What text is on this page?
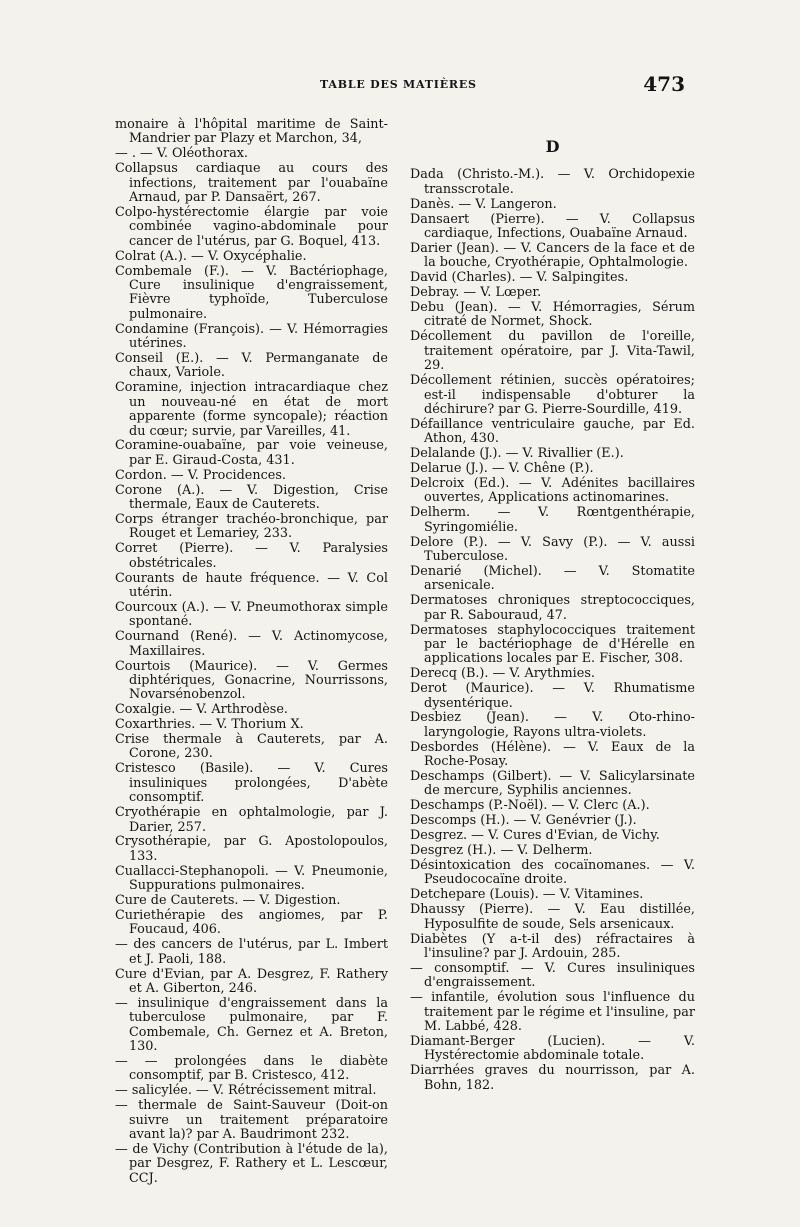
TABLE DES MATIÈRES	473
monaire à l'hôpital maritime de Saint-Mandrier par Plazy et Marchon, 34,
— . — V. Oléothorax.
Collapsus cardiaque au cours des infections, traitement par l'ouabaïne Arnaud, par P. Dansaërt, 267.
Colpo-hystérectomie élargie par voie combinée vagino-abdominale pour cancer de l'utérus, par G. Boquel, 413.
Colrat (A.). — V. Oxycéphalie.
Combemale (F.). — V. Bactériophage, Cure insulinique d'engraissement, Fièvre typhoïde, Tuberculose pulmonaire.
Condamine (François). — V. Hémorragies utérines.
Conseil (E.). — V. Permanganate de chaux, Variole.
Coramine, injection intracardiaque chez un nouveau-né en état de mort apparente (forme syncopale); réaction du cœur; survie, par Vareilles, 41.
Coramine-ouabaïne, par voie veineuse, par E. Giraud-Costa, 431.
Cordon. — V. Procidences.
Corone (A.). — V. Digestion, Crise thermale, Eaux de Cauterets.
Corps étranger trachéo-bronchique, par Rouget et Lemariey, 233.
Corret (Pierre). — V. Paralysies obstétricales.
Courants de haute fréquence. — V. Col utérin.
Courcoux (A.). — V. Pneumothorax simple spontané.
Cournand (René). — V. Actinomycose, Maxillaires.
Courtois (Maurice). — V. Germes diphtériques, Gonacrine, Nourrissons, Novarsénobenzol.
Coxalgie. — V. Arthrodèse.
Coxarthries. — V. Thorium X.
Crise thermale à Cauterets, par A. Corone, 230.
Cristesco (Basile). — V. Cures insuliniques prolongées, D'abète consomptif.
Cryothérapie en ophtalmologie, par J. Darier, 257.
Crysothérapie, par G. Apostolopoulos, 133.
Cuallacci-Stephanopoli. — V. Pneumonie, Suppurations pulmonaires.
Cure de Cauterets. — V. Digestion.
Curiethérapie des angiomes, par P. Foucaud, 406.
— des cancers de l'utérus, par L. Imbert et J. Paoli, 188.
Cure d'Evian, par A. Desgrez, F. Rathery et A. Giberton, 246.
— insulinique d'engraissement dans la tuberculose pulmonaire, par F. Combemale, Ch. Gernez et A. Breton, 130.
— — prolongées dans le diabète consomptif, par B. Cristesco, 412.
— salicylée. — V. Rétrécissement mitral.
— thermale de Saint-Sauveur (Doit-on suivre un traitement préparatoire avant la)? par A. Baudrimont 232.
— de Vichy (Contribution à l'étude de la), par Desgrez, F. Rathery et L. Lescœur, ССЈ.
D
Dada (Christo.-M.). — V. Orchidopexie transscrotale.
Danès. — V. Langeron.
Dansaert (Pierre). — V. Collapsus cardiaque, Infections, Ouabaïne Arnaud.
Darier (Jean). — V. Cancers de la face et de la bouche, Cryothérapie, Ophtalmologie.
David (Charles). — V. Salpingites.
Debray. — V. Lœper.
Debu (Jean). — V. Hémorragies, Sérum citraté de Normet, Shock.
Décollement du pavillon de l'oreille, traitement opératoire, par J. Vita-Tawil, 29.
Décollement rétinien, succès opératoires; est-il indispensable d'obturer la déchirure? par G. Pierre-Sourdille, 419.
Défaillance ventriculaire gauche, par Ed. Athon, 430.
Delalande (J.). — V. Rivallier (E.).
Delarue (J.). — V. Chêne (P.).
Delcroix (Ed.). — V. Adénites bacillaires ouvertes, Applications actinomarines.
Delherm. — V. Rœntgenthérapie, Syringomiélie.
Delore (P.). — V. Savy (P.). — V. aussi Tuberculose.
Denarié (Michel). — V. Stomatite arsenicale.
Dermatoses chroniques streptococciques, par R. Sabouraud, 47.
Dermatoses staphylococciques traitement par le bactériophage de d'Hérelle en applications locales par E. Fischer, 308.
Derecq (B.). — V. Arythmies.
Derot (Maurice). — V. Rhumatisme dysentérique.
Desbiez (Jean). — V. Oto-rhino-laryngologie, Rayons ultra-violets.
Desbordes (Hélène). — V. Eaux de la Roche-Posay.
Deschamps (Gilbert). — V. Salicylarsinate de mercure, Syphilis anciennes.
Deschamps (P.-Noël). — V. Clerc (A.).
Descomps (H.). — V. Genévrier (J.).
Desgrez. — V. Cures d'Evian, de Vichy.
Desgrez (H.). — V. Delherm.
Désintoxication des cocaïnomanes. — V. Pseudococaïne droite.
Detchepare (Louis). — V. Vitamines.
Dhaussy (Pierre). — V. Eau distillée, Hyposulfite de soude, Sels arsenicaux.
Diabètes (Y a-t-il des) réfractaires à l'insuline? par J. Ardouin, 285.
— consomptif. — V. Cures insuliniques d'engraissement.
— infantile, évolution sous l'influence du traitement par le régime et l'insuline, par M. Labbé, 428.
Diamant-Berger (Lucien). — V. Hystérectomie abdominale totale.
Diarrhées graves du nourrisson, par A. Bohn, 182.
